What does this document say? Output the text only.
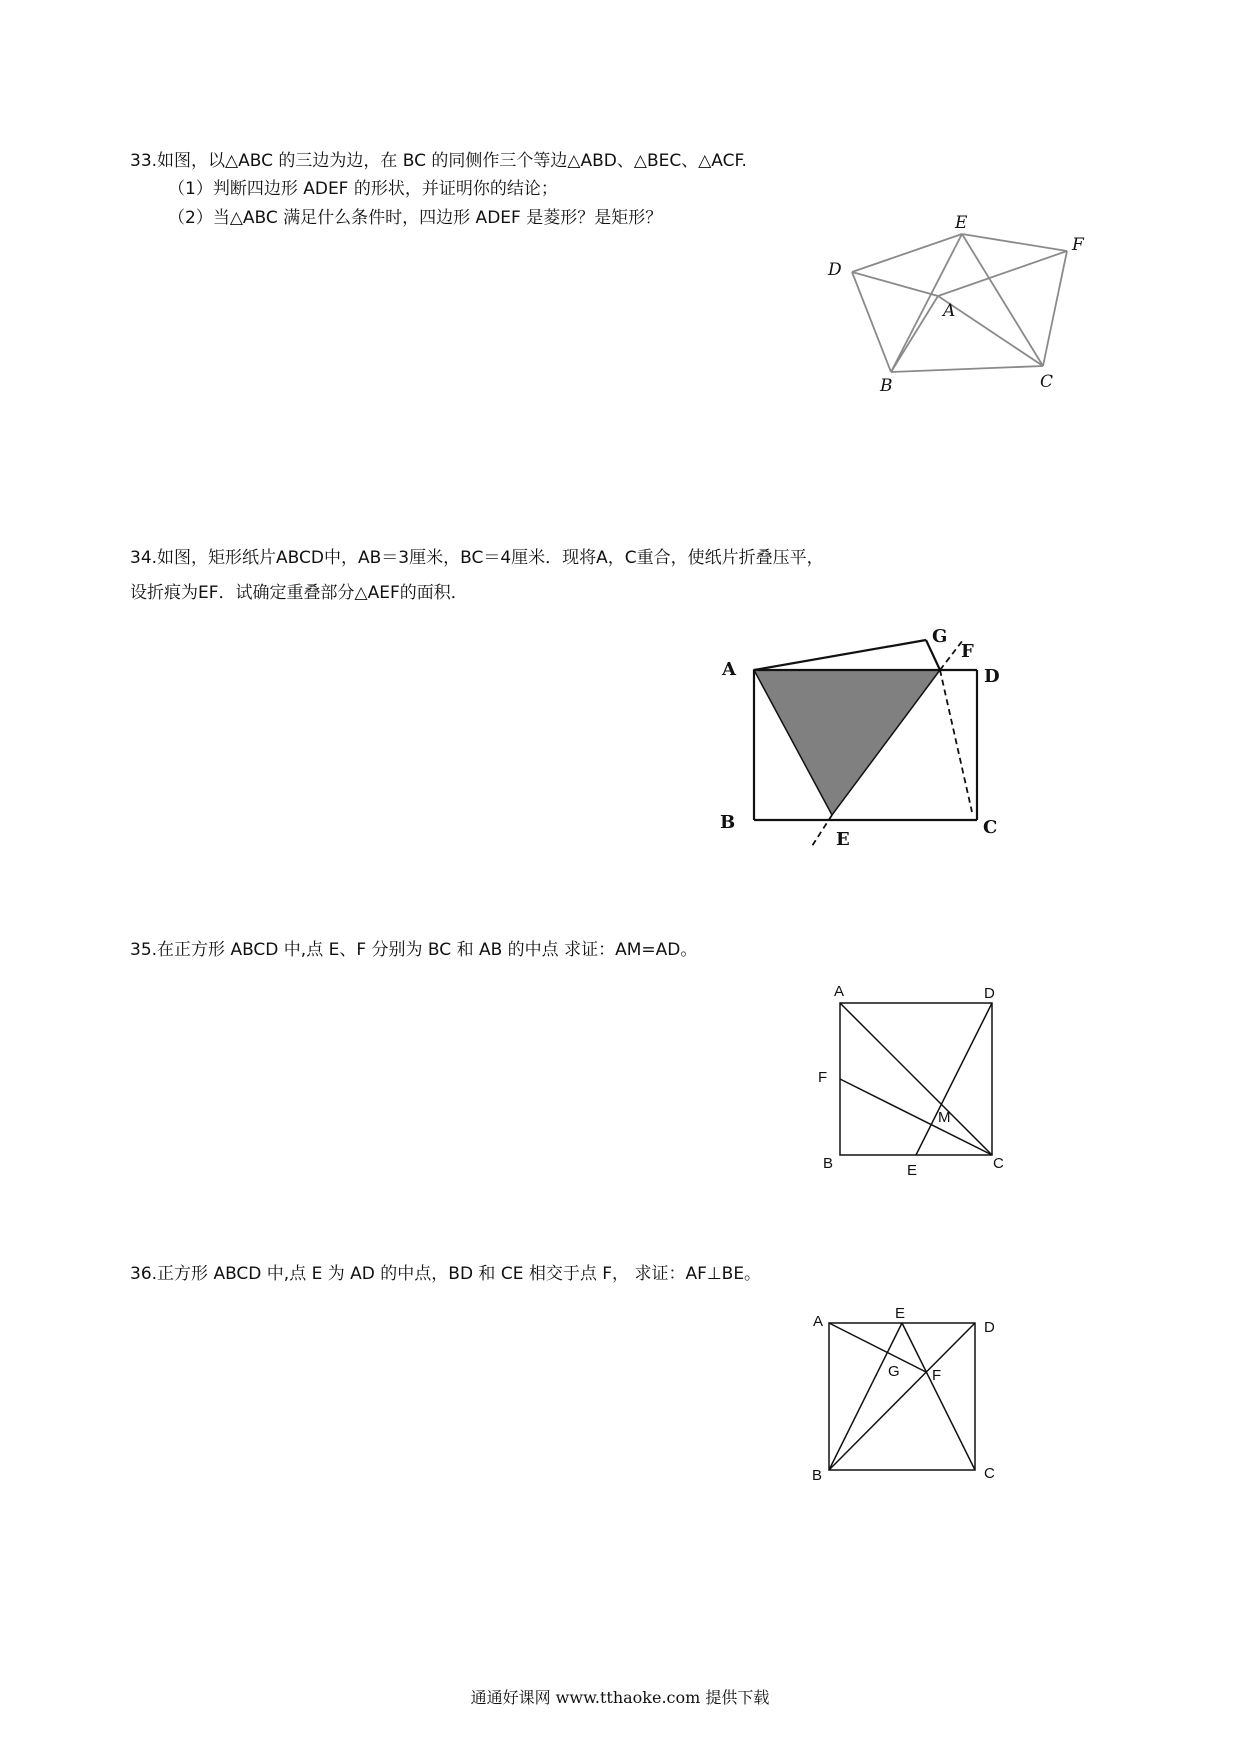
33.如图，以△ABC 的三边为边，在 BC 的同侧作三个等边△ABD、△BEC、△ACF.
（1）判断四边形 ADEF 的形状，并证明你的结论；
（2）当△ABC 满足什么条件时，四边形 ADEF 是菱形？是矩形？	E
F
D
A
B	C
34.如图，矩形纸片ABCD中，AB＝3厘米，BC＝4厘米．现将A，C重合，使纸片折叠压平，
设折痕为EF．试确定重叠部分△AEF的面积．
A	D
G
F
B	C
E
35.在正方形 ABCD 中,点 E、F 分别为 BC 和 AB 的中点 求证：AM=AD。
A	D
F
M
B	E	C
36.正方形 ABCD 中,点 E 为 AD 的中点，BD 和 CE 相交于点 F， 求证：AF⊥BE。
A	E
D
G F
B	C
通通好课网 www.tthaoke.com 提供下载
